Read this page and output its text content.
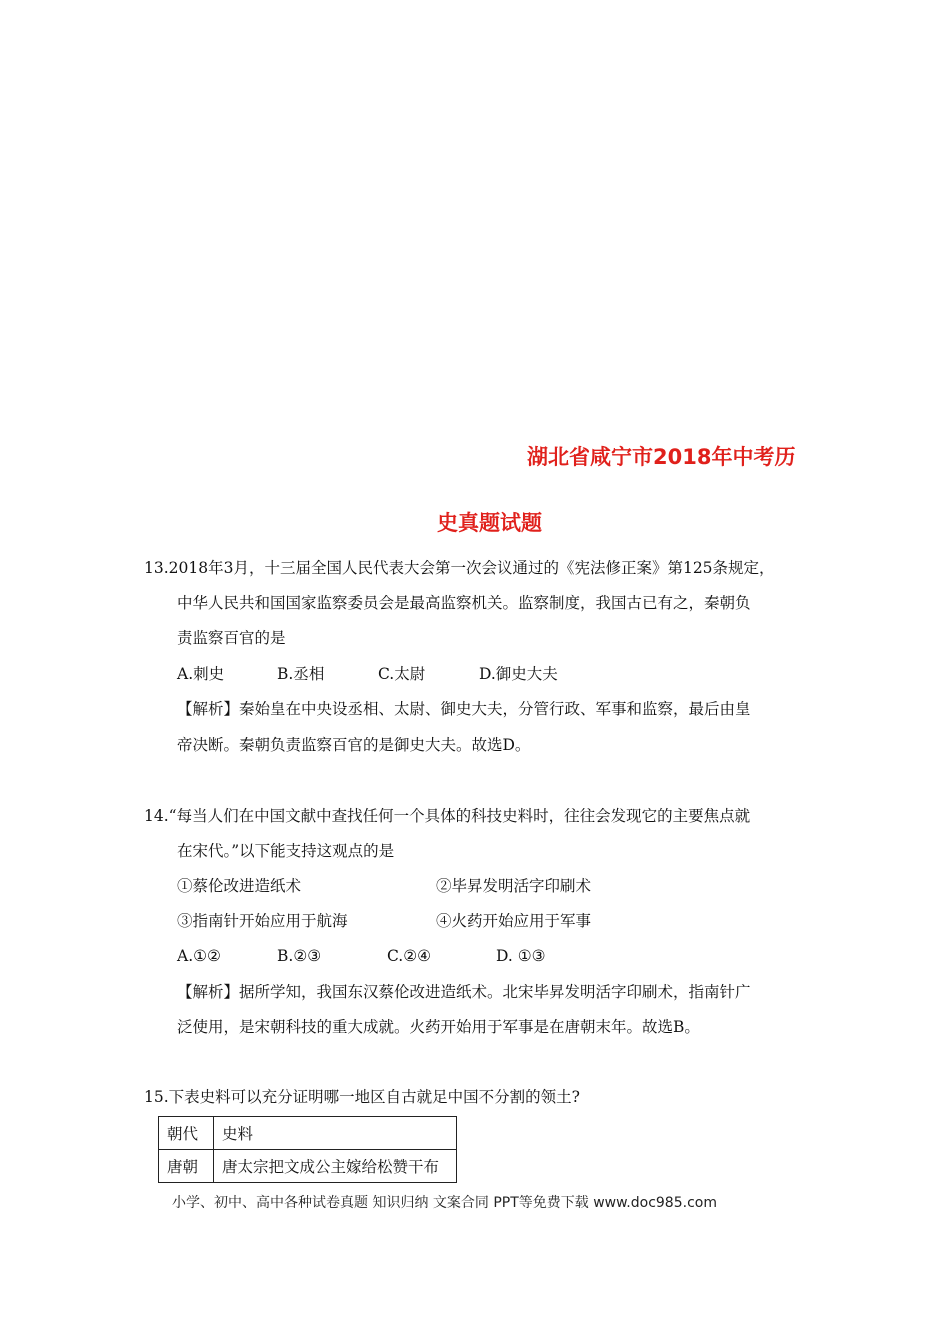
湖北省咸宁市2018年中考历
史真题试题
13.2018年3月，十三届全国人民代表大会第一次会议通过的《宪法修正案》第125条规定，
中华人民共和国国家监察委员会是最高监察机关。监察制度，我国古已有之，秦朝负
责监察百官的是
A.刺史	B.丞相	C.太尉	D.御史大夫
【解析】秦始皇在中央设丞相、太尉、御史大夫，分管行政、军事和监察，最后由皇
帝决断。秦朝负责监察百官的是御史大夫。故选D。
14.“每当人们在中国文献中查找任何一个具体的科技史料时，往往会发现它的主要焦点就
在宋代。”以下能支持这观点的是
①蔡伦改进造纸术	②毕昇发明活字印刷术
③指南针开始应用于航海	④火药开始应用于军事
A.①②	B.②③	C.②④	D. ①③
【解析】据所学知，我国东汉蔡伦改进造纸术。北宋毕昇发明活字印刷术，指南针广
泛使用，是宋朝科技的重大成就。火药开始用于军事是在唐朝末年。故选B。
15.下表史料可以充分证明哪一地区自古就足中国不分割的领土?
朝代	史料
唐朝	唐太宗把文成公主嫁给松赞干布
小学、初中、高中各种试卷真题 知识归纳 文案合同 PPT等免费下载 www.doc985.com
